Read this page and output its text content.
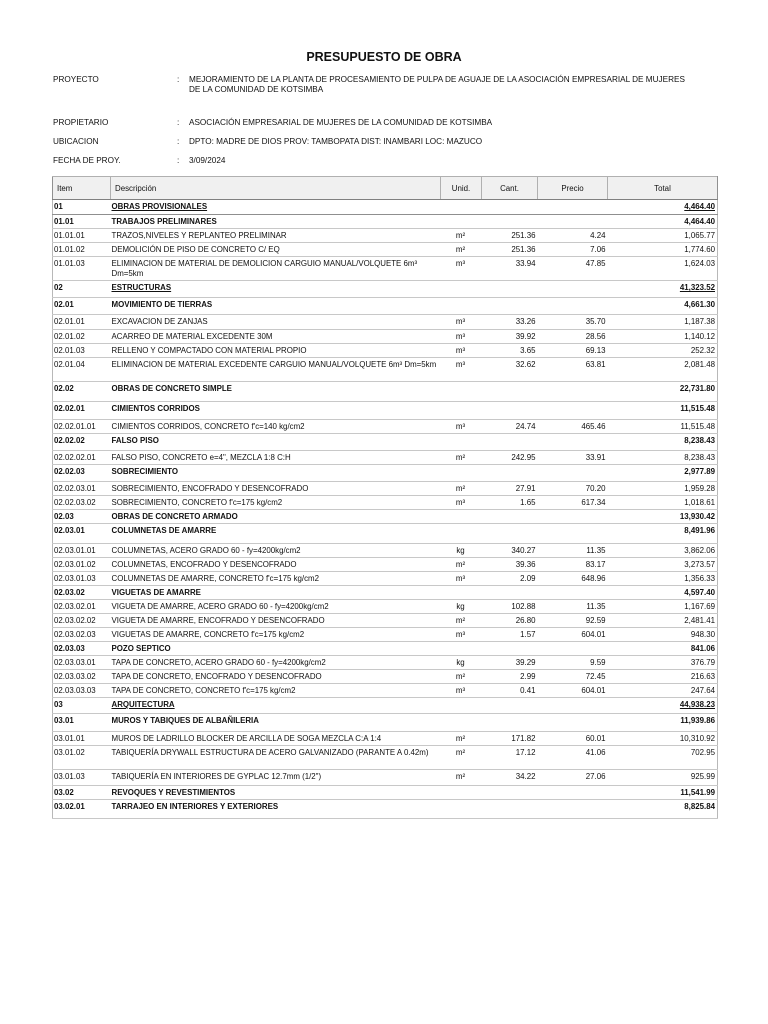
PRESUPUESTO DE OBRA
PROYECTO	: MEJORAMIENTO DE LA PLANTA DE PROCESAMIENTO DE PULPA DE AGUAJE DE LA ASOCIACIÓN EMPRESARIAL DE MUJERES DE LA COMUNIDAD DE KOTSIMBA
PROPIETARIO	: ASOCIACIÓN EMPRESARIAL DE MUJERES DE LA COMUNIDAD DE KOTSIMBA
UBICACION	: DPTO: MADRE DE DIOS PROV: TAMBOPATA DIST: INAMBARI LOC: MAZUCO
FECHA DE PROY.	: 3/09/2024
Item	Descripción	Unid.	Cant.	Precio	Total
01	OBRAS PROVISIONALES				4,464.40
01.01	TRABAJOS PRELIMINARES				4,464.40
01.01.01	TRAZOS,NIVELES Y REPLANTEO PRELIMINAR	m²	251.36	4.24	1,065.77
01.01.02	DEMOLICIÓN DE PISO DE CONCRETO C/ EQ	m²	251.36	7.06	1,774.60
01.01.03	ELIMINACION DE MATERIAL DE DEMOLICION CARGUIO MANUAL/VOLQUETE 6m³ Dm=5km	m³	33.94	47.85	1,624.03
02	ESTRUCTURAS				41,323.52
02.01	MOVIMIENTO DE TIERRAS				4,661.30
02.01.01	EXCAVACION DE ZANJAS	m³	33.26	35.70	1,187.38
02.01.02	ACARREO DE MATERIAL EXCEDENTE 30M	m³	39.92	28.56	1,140.12
02.01.03	RELLENO Y COMPACTADO CON MATERIAL PROPIO	m³	3.65	69.13	252.32
02.01.04	ELIMINACION DE MATERIAL EXCEDENTE CARGUIO MANUAL/VOLQUETE 6m³ Dm=5km	m³	32.62	63.81	2,081.48
02.02	OBRAS DE CONCRETO SIMPLE				22,731.80
02.02.01	CIMIENTOS CORRIDOS				11,515.48
02.02.01.01	CIMIENTOS CORRIDOS, CONCRETO f'c=140 kg/cm2	m³	24.74	465.46	11,515.48
02.02.02	FALSO PISO				8,238.43
02.02.02.01	FALSO PISO, CONCRETO e=4", MEZCLA 1:8 C:H	m²	242.95	33.91	8,238.43
02.02.03	SOBRECIMIENTO				2,977.89
02.02.03.01	SOBRECIMIENTO, ENCOFRADO Y DESENCOFRADO	m²	27.91	70.20	1,959.28
02.02.03.02	SOBRECIMIENTO, CONCRETO f'c=175 kg/cm2	m³	1.65	617.34	1,018.61
02.03	OBRAS DE CONCRETO ARMADO				13,930.42
02.03.01	COLUMNETAS DE AMARRE				8,491.96
02.03.01.01	COLUMNETAS, ACERO GRADO 60 - fy=4200kg/cm2	kg	340.27	11.35	3,862.06
02.03.01.02	COLUMNETAS, ENCOFRADO Y DESENCOFRADO	m²	39.36	83.17	3,273.57
02.03.01.03	COLUMNETAS DE AMARRE, CONCRETO f'c=175 kg/cm2	m³	2.09	648.96	1,356.33
02.03.02	VIGUETAS DE AMARRE				4,597.40
02.03.02.01	VIGUETA DE AMARRE, ACERO GRADO 60 - fy=4200kg/cm2	kg	102.88	11.35	1,167.69
02.03.02.02	VIGUETA DE AMARRE, ENCOFRADO Y DESENCOFRADO	m²	26.80	92.59	2,481.41
02.03.02.03	VIGUETAS DE AMARRE, CONCRETO f'c=175 kg/cm2	m³	1.57	604.01	948.30
02.03.03	POZO SEPTICO				841.06
02.03.03.01	TAPA DE CONCRETO, ACERO GRADO 60 - fy=4200kg/cm2	kg	39.29	9.59	376.79
02.03.03.02	TAPA DE CONCRETO, ENCOFRADO Y DESENCOFRADO	m²	2.99	72.45	216.63
02.03.03.03	TAPA DE CONCRETO, CONCRETO f'c=175 kg/cm2	m³	0.41	604.01	247.64
03	ARQUITECTURA				44,938.23
03.01	MUROS Y TABIQUES DE ALBAÑILERIA				11,939.86
03.01.01	MUROS DE LADRILLO BLOCKER DE ARCILLA DE SOGA MEZCLA C:A 1:4	m²	171.82	60.01	10,310.92
03.01.02	TABIQUERÍA DRYWALL ESTRUCTURA DE ACERO GALVANIZADO (PARANTE A 0.42m)	m²	17.12	41.06	702.95
03.01.03	TABIQUERÍA EN INTERIORES DE GYPLAC 12.7mm (1/2")	m²	34.22	27.06	925.99
03.02	REVOQUES Y REVESTIMIENTOS				11,541.99
03.02.01	TARRAJEO EN INTERIORES Y EXTERIORES				8,825.84
